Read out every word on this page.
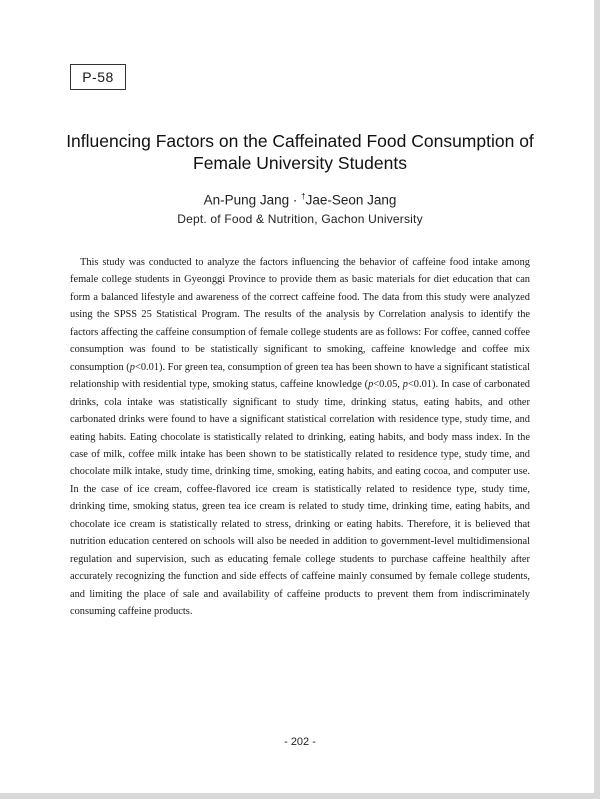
P-58
Influencing Factors on the Caffeinated Food Consumption of
Female University Students
An-Pung Jang · †Jae-Seon Jang
Dept. of Food & Nutrition, Gachon University

This study was conducted to analyze the factors influencing the behavior of caffeine food intake among female college students in Gyeonggi Province to provide them as basic materials for diet education that can form a balanced lifestyle and awareness of the correct caffeine food. The data from this study were analyzed using the SPSS 25 Statistical Program. The results of the analysis by Correlation analysis to identify the factors affecting the caffeine consumption of female college students are as follows: For coffee, canned coffee consumption was found to be statistically significant to smoking, caffeine knowledge and coffee mix consumption (p<0.01). For green tea, consumption of green tea has been shown to have a significant statistical relationship with residential type, smoking status, caffeine knowledge (p<0.05, p<0.01). In case of carbonated drinks, cola intake was statistically significant to study time, drinking status, eating habits, and other carbonated drinks were found to have a significant statistical correlation with residence type, study time, and eating habits. Eating chocolate is statistically related to drinking, eating habits, and body mass index. In the case of milk, coffee milk intake has been shown to be statistically related to residence type, study time, and chocolate milk intake, study time, drinking time, smoking, eating habits, and eating cocoa, and computer use. In the case of ice cream, coffee-flavored ice cream is statistically related to residence type, study time, drinking time, smoking status, green tea ice cream is related to study time, drinking time, eating habits, and chocolate ice cream is statistically related to stress, drinking or eating habits. Therefore, it is believed that nutrition education centered on schools will also be needed in addition to government-level multidimensional regulation and supervision, such as educating female college students to purchase caffeine healthily after accurately recognizing the function and side effects of caffeine mainly consumed by female college students, and limiting the place of sale and availability of caffeine products to prevent them from indiscriminately consuming caffeine products.

- 202 -
